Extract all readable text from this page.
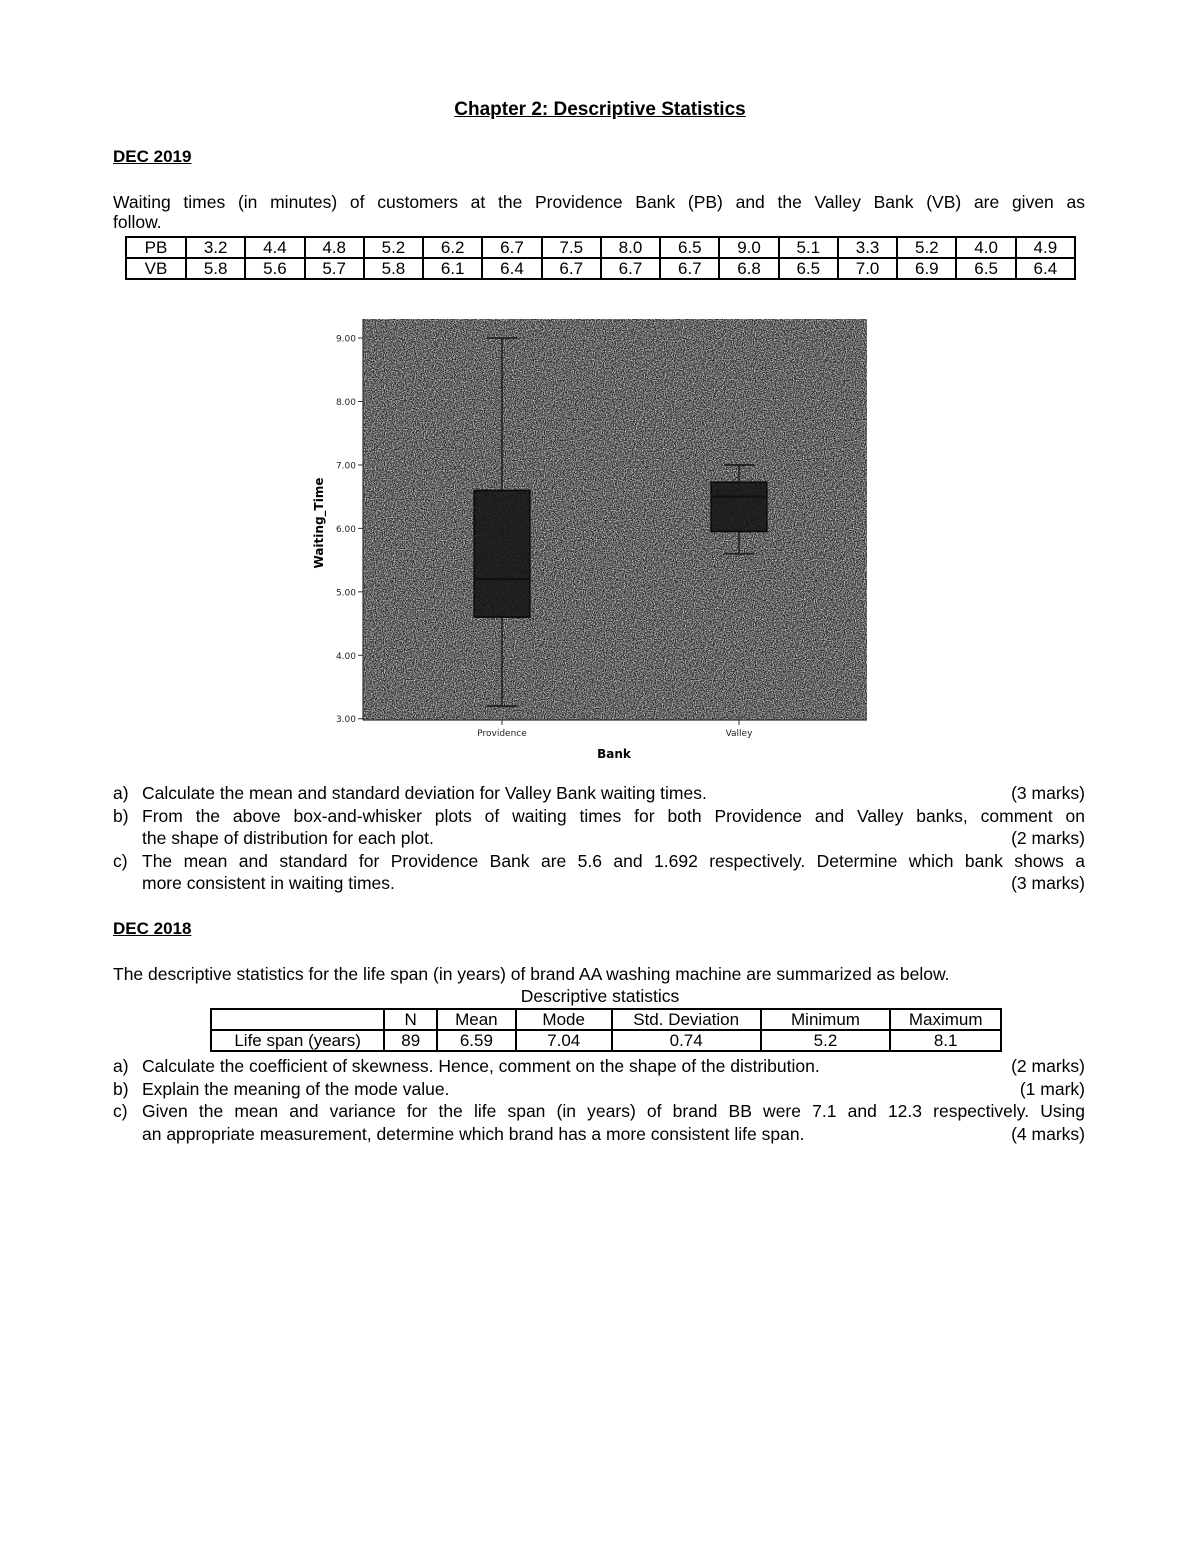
Chapter 2: Descriptive Statistics
DEC 2019
Waiting times (in minutes) of customers at the Providence Bank (PB) and the Valley Bank (VB) are given as
follow.
PB	3.2	4.4	4.8	5.2	6.2	6.7	7.5	8.0	6.5	9.0	5.1	3.3	5.2	4.0	4.9
VB	5.8	5.6	5.7	5.8	6.1	6.4	6.7	6.7	6.7	6.8	6.5	7.0	6.9	6.5	6.4
3.00
4.00
5.00
6.00
7.00
8.00
9.00
Providence	Valley
Bank
Waiting_Time
a)	(3 marks)
Calculate the mean and standard deviation for Valley Bank waiting times.
b) From the above box-and-whisker plots of waiting times for both Providence and Valley banks, comment on
(2 marks)
the shape of distribution for each plot.
c) The mean and standard for Providence Bank are 5.6 and 1.692 respectively. Determine which bank shows a
(3 marks)
more consistent in waiting times.
DEC 2018
The descriptive statistics for the life span (in years) of brand AA washing machine are summarized as below.
Descriptive statistics
	N	Mean	Mode	Std. Deviation	Minimum	Maximum
Life span (years)	89	6.59	7.04	0.74	5.2	8.1
a)	(2 marks)
Calculate the coefficient of skewness. Hence, comment on the shape of the distribution.
b)	(1 mark)
Explain the meaning of the mode value.
c) Given the mean and variance for the life span (in years) of brand BB were 7.1 and 12.3 respectively. Using
(4 marks)
an appropriate measurement, determine which brand has a more consistent life span.
